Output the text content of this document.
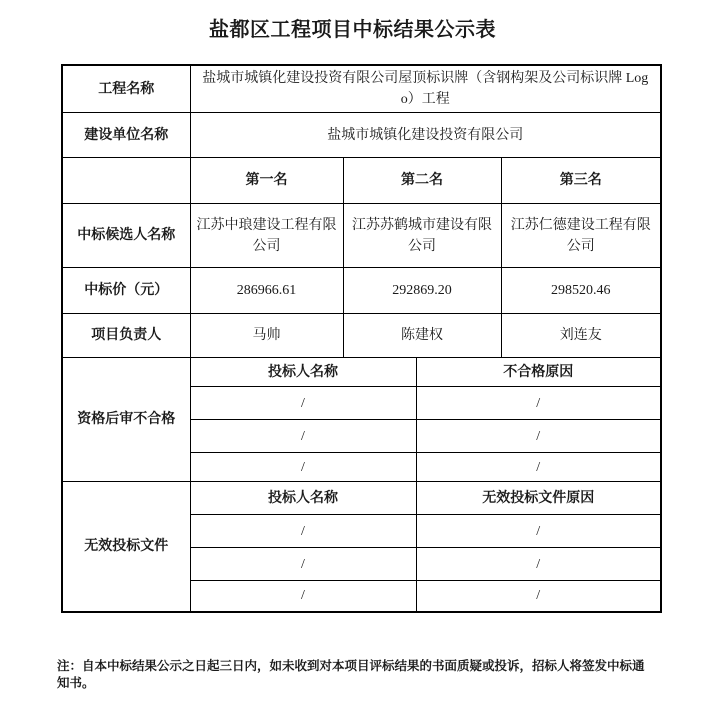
盐都区工程项目中标结果公示表
工程名称	盐城市城镇化建设投资有限公司屋顶标识牌（含钢构架及公司标识牌 Logo）工程			
建设单位名称	盐城市城镇化建设投资有限公司			
	第一名	第二名		第三名
中标候选人名称	江苏中琅建设工程有限公司	江苏苏鹤城市建设有限公司		江苏仁德建设工程有限公司
中标价（元）	286966.61	292869.20		298520.46
项目负责人	马帅	陈建权		刘连友
资格后审不合格	投标人名称		不合格原因	
	/		/	
	/		/	
	/		/	
无效投标文件	投标人名称		无效投标文件原因	
	/		/	
	/		/	
	/		/	
注：自本中标结果公示之日起三日内，如未收到对本项目评标结果的书面质疑或投诉，招标人将签发中标通知书。
